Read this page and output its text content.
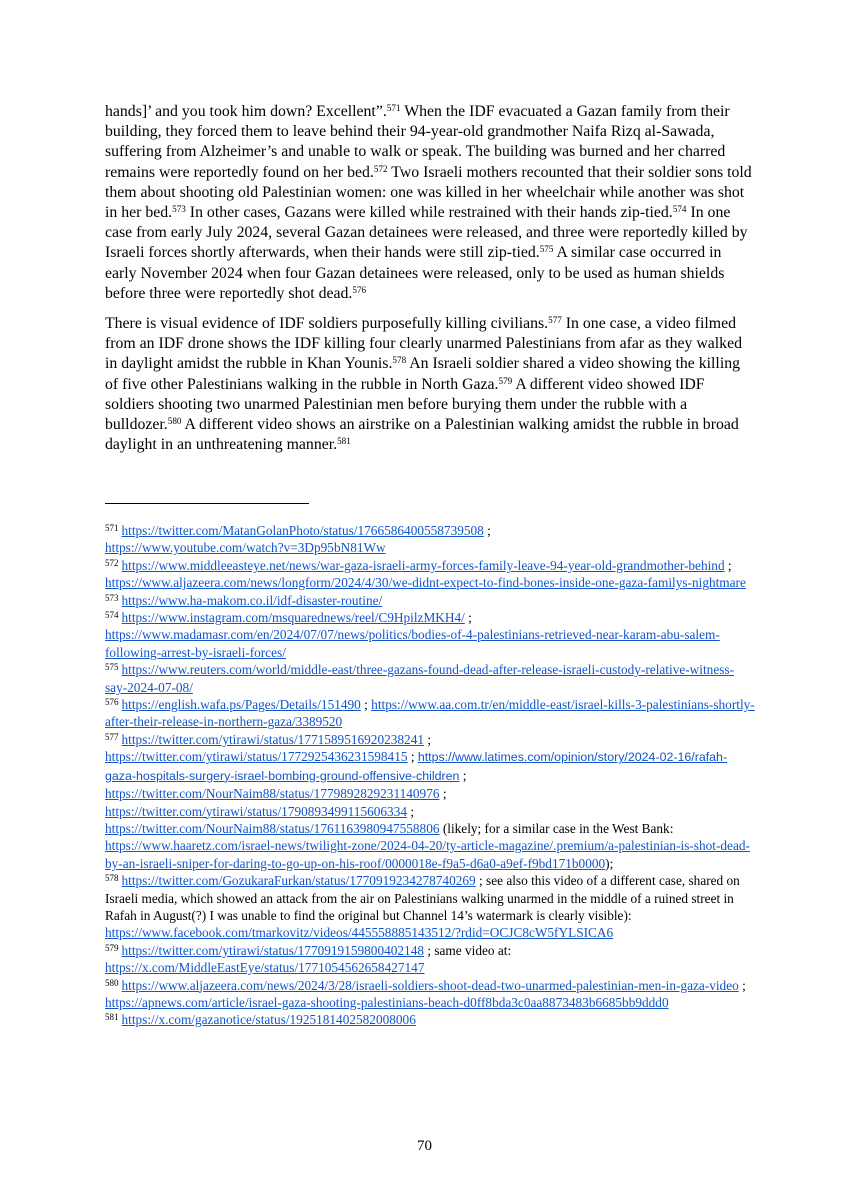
hands]’ and you took him down? Excellent”.$^{571}$ When the IDF evacuated a Gazan family from their building, they forced them to leave behind their 94-year-old grandmother Naifa Rizq al-Sawada, suffering from Alzheimer’s and unable to walk or speak. The building was burned and her charred remains were reportedly found on her bed.$^{572}$ Two Israeli mothers recounted that their soldier sons told them about shooting old Palestinian women: one was killed in her wheelchair while another was shot in her bed.$^{573}$ In other cases, Gazans were killed while restrained with their hands zip-tied.$^{574}$ In one case from early July 2024, several Gazan detainees were released, and three were reportedly killed by Israeli forces shortly afterwards, when their hands were still zip-tied.$^{575}$ A similar case occurred in early November 2024 when four Gazan detainees were released, only to be used as human shields before three were reportedly shot dead.$^{576}$

There is visual evidence of IDF soldiers purposefully killing civilians.$^{577}$ In one case, a video filmed from an IDF drone shows the IDF killing four clearly unarmed Palestinians from afar as they walked in daylight amidst the rubble in Khan Younis.$^{578}$ An Israeli soldier shared a video showing the killing of five other Palestinians walking in the rubble in North Gaza.$^{579}$ A different video showed IDF soldiers shooting two unarmed Palestinian men before burying them under the rubble with a bulldozer.$^{580}$ A different video shows an airstrike on a Palestinian walking amidst the rubble in broad daylight in an unthreatening manner.$^{581}$

$^{571}$ https://twitter.com/MatanGolanPhoto/status/1766586400558739508 ;
https://www.youtube.com/watch?v=3Dp95bN81Ww
$^{572}$ https://www.middleeasteye.net/news/war-gaza-israeli-army-forces-family-leave-94-year-old-grandmother-behind ; https://www.aljazeera.com/news/longform/2024/4/30/we-didnt-expect-to-find-bones-inside-one-gaza-familys-nightmare
$^{573}$ https://www.ha-makom.co.il/idf-disaster-routine/
$^{574}$ https://www.instagram.com/msquarednews/reel/C9HpilzMKH4/ ;
https://www.madamasr.com/en/2024/07/07/news/politics/bodies-of-4-palestinians-retrieved-near-karam-abu-salem-following-arrest-by-israeli-forces/
$^{575}$ https://www.reuters.com/world/middle-east/three-gazans-found-dead-after-release-israeli-custody-relative-witness-say-2024-07-08/
$^{576}$ https://english.wafa.ps/Pages/Details/151490 ; https://www.aa.com.tr/en/middle-east/israel-kills-3-palestinians-shortly-after-their-release-in-northern-gaza/3389520
$^{577}$ https://twitter.com/ytirawi/status/1771589516920238241 ;
https://twitter.com/ytirawi/status/1772925436231598415 ; https://www.latimes.com/opinion/story/2024-02-16/rafah-gaza-hospitals-surgery-israel-bombing-ground-offensive-children ;
https://twitter.com/NourNaim88/status/1779892829231140976 ;
https://twitter.com/ytirawi/status/1790893499115606334 ;
https://twitter.com/NourNaim88/status/1761163980947558806 (likely; for a similar case in the West Bank: https://www.haaretz.com/israel-news/twilight-zone/2024-04-20/ty-article-magazine/.premium/a-palestinian-is-shot-dead-by-an-israeli-sniper-for-daring-to-go-up-on-his-roof/0000018e-f9a5-d6a0-a9ef-f9bd171b0000);
$^{578}$ https://twitter.com/GozukaraFurkan/status/1770919234278740269 ; see also this video of a different case, shared on Israeli media, which showed an attack from the air on Palestinians walking unarmed in the middle of a ruined street in Rafah in August(?) I was unable to find the original but Channel 14’s watermark is clearly visible): https://www.facebook.com/tmarkovitz/videos/445558885143512/?rdid=OCJC8cW5fYLSICA6
$^{579}$ https://twitter.com/ytirawi/status/1770919159800402148 ; same video at:
https://x.com/MiddleEastEye/status/1771054562658427147
$^{580}$ https://www.aljazeera.com/news/2024/3/28/israeli-soldiers-shoot-dead-two-unarmed-palestinian-men-in-gaza-video ; https://apnews.com/article/israel-gaza-shooting-palestinians-beach-d0ff8bda3c0aa8873483b6685bb9ddd0
$^{581}$ https://x.com/gazanotice/status/1925181402582008006
70
